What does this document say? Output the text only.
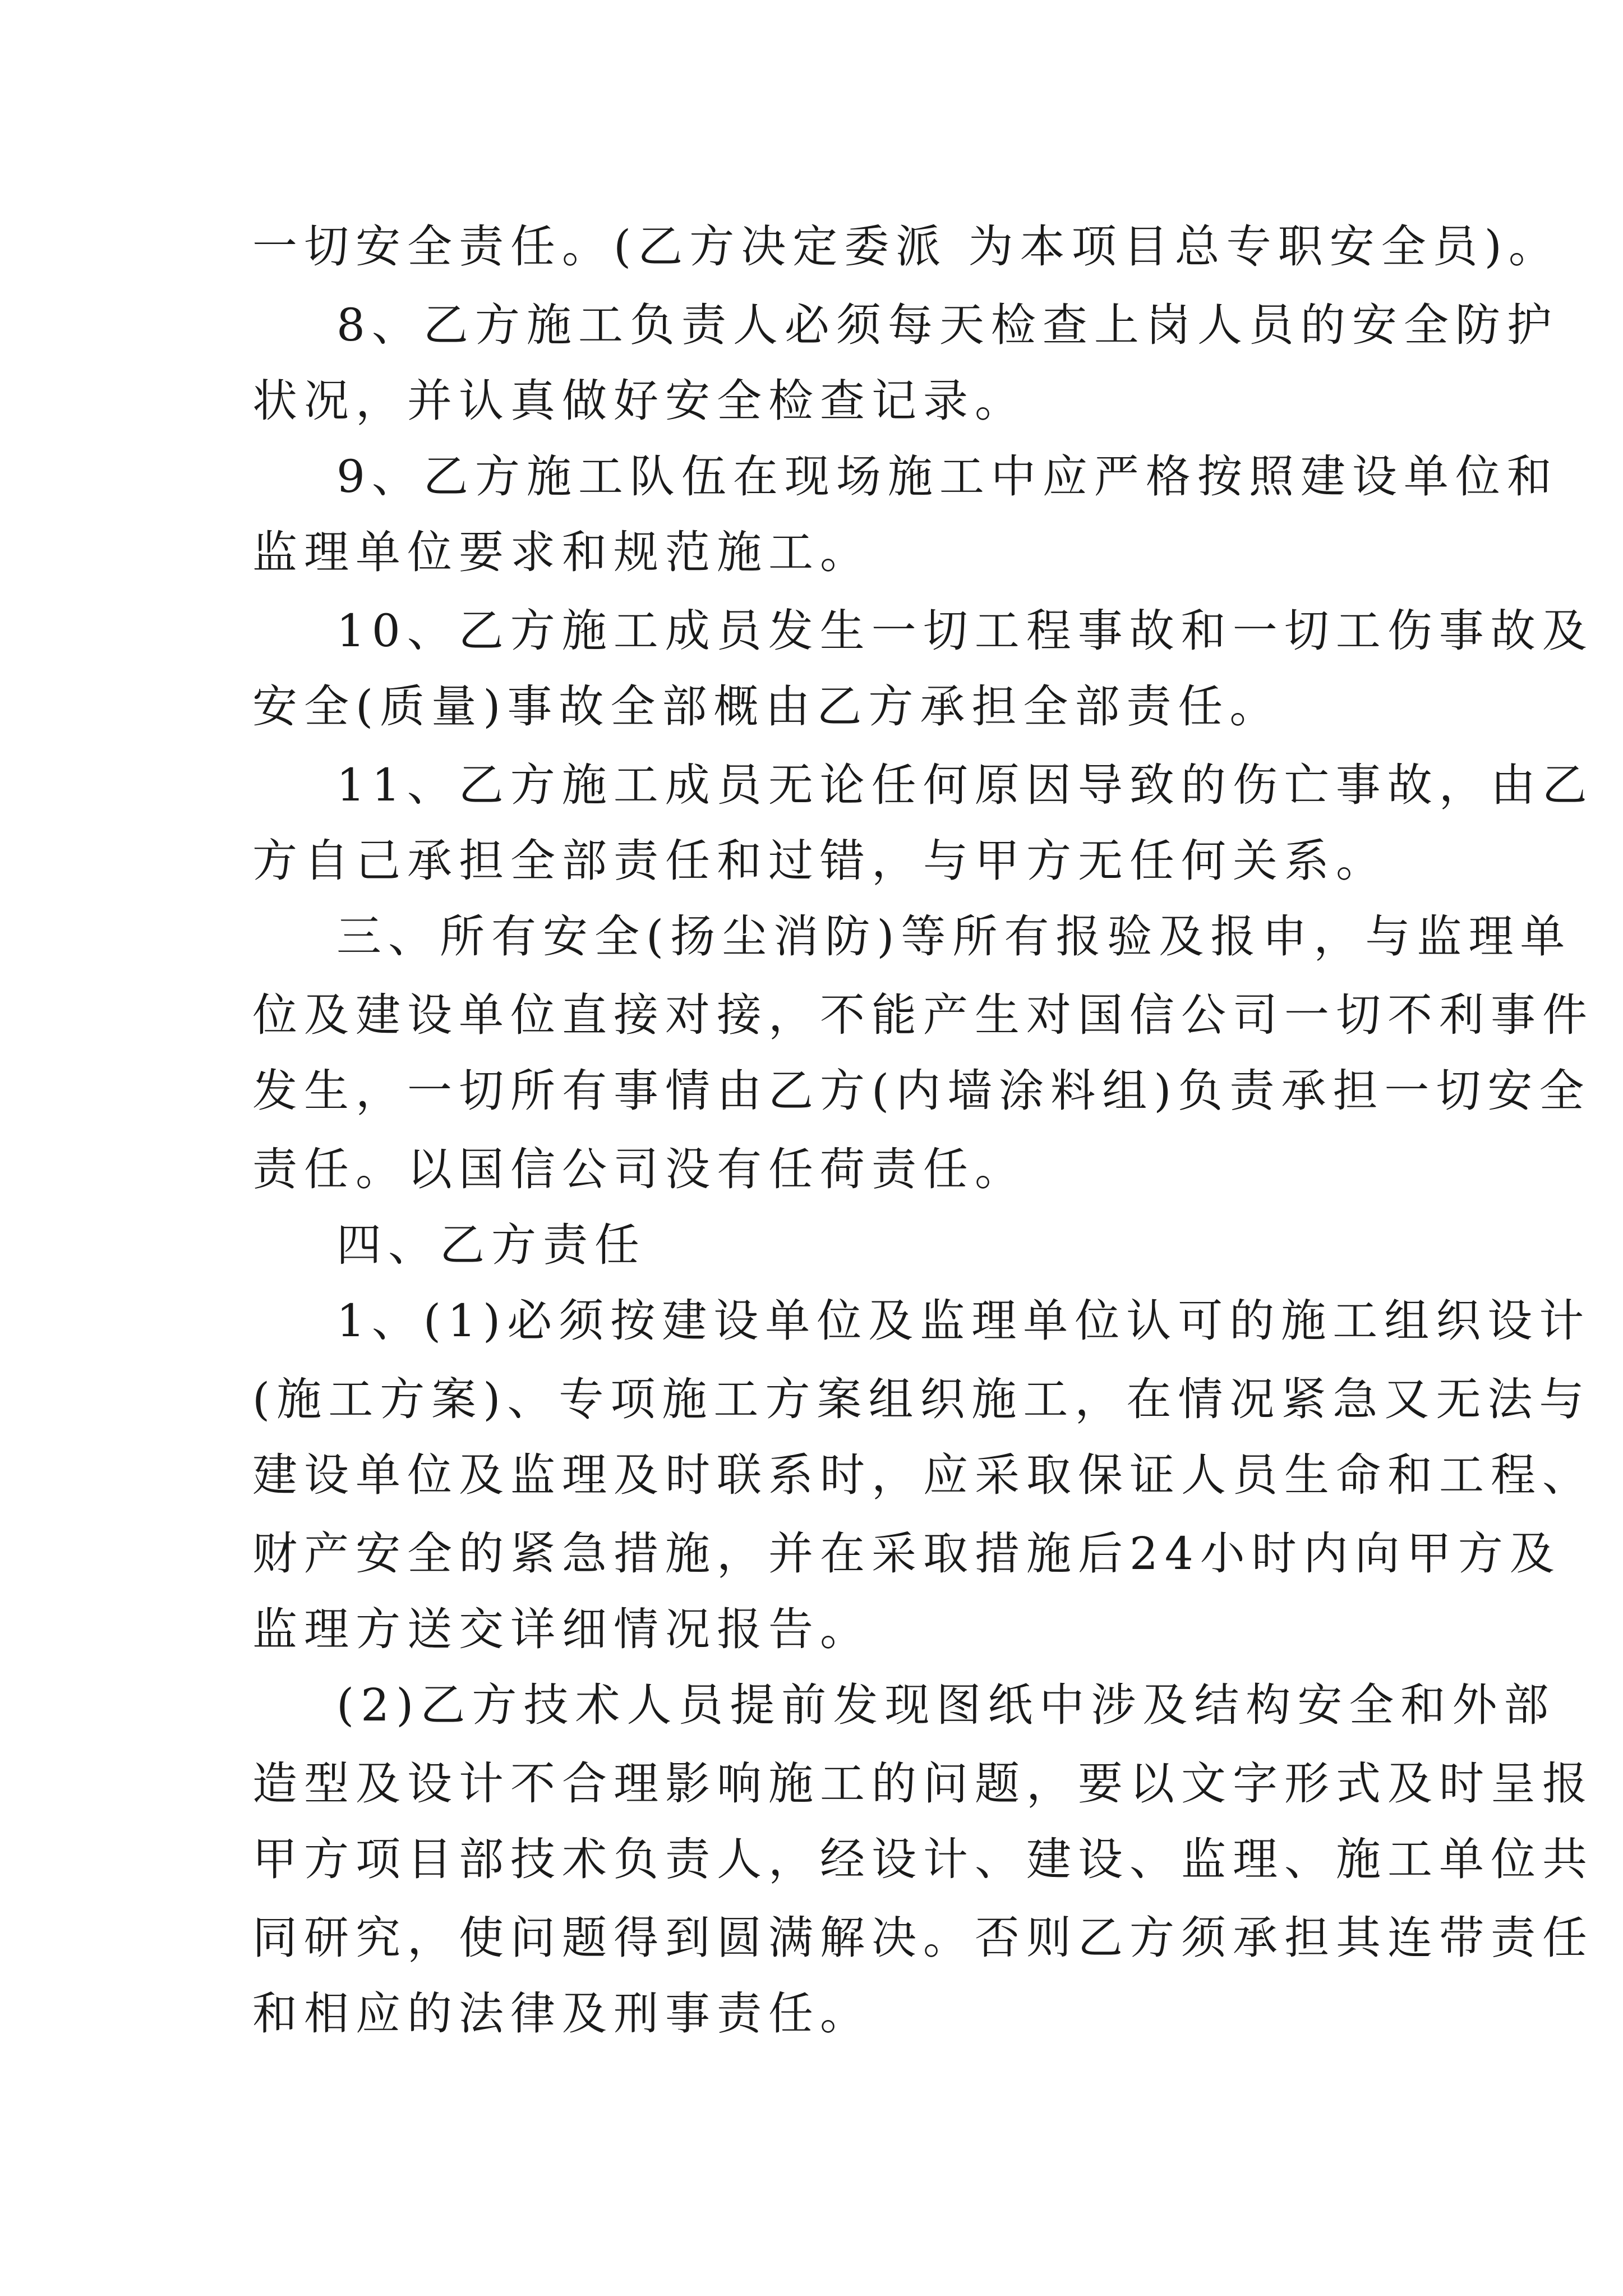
一切安全责任。(乙方决定委派 为本项目总专职安全员)。
8、乙方施工负责人必须每天检查上岗人员的安全防护
状况，并认真做好安全检查记录。
9、乙方施工队伍在现场施工中应严格按照建设单位和
监理单位要求和规范施工。
10、乙方施工成员发生一切工程事故和一切工伤事故及
安全(质量)事故全部概由乙方承担全部责任。
11、乙方施工成员无论任何原因导致的伤亡事故，由乙
方自己承担全部责任和过错，与甲方无任何关系。
三、所有安全(扬尘消防)等所有报验及报申，与监理单
位及建设单位直接对接，不能产生对国信公司一切不利事件
发生，一切所有事情由乙方(内墙涂料组)负责承担一切安全
责任。以国信公司没有任荷责任。
四、乙方责任
1、(1)必须按建设单位及监理单位认可的施工组织设计
(施工方案)、专项施工方案组织施工，在情况紧急又无法与
建设单位及监理及时联系时，应采取保证人员生命和工程、
财产安全的紧急措施，并在采取措施后24小时内向甲方及
监理方送交详细情况报告。
(2)乙方技术人员提前发现图纸中涉及结构安全和外部
造型及设计不合理影响施工的问题，要以文字形式及时呈报
甲方项目部技术负责人，经设计、建设、监理、施工单位共
同研究，使问题得到圆满解决。否则乙方须承担其连带责任
和相应的法律及刑事责任。
